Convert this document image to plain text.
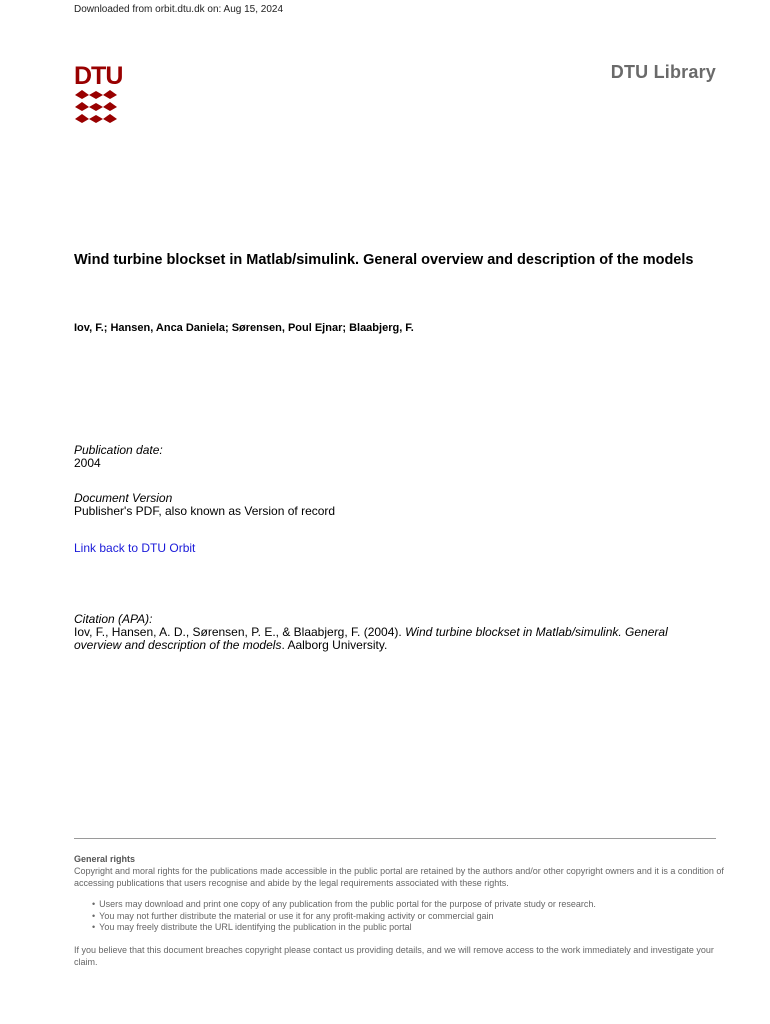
Downloaded from orbit.dtu.dk on: Aug 15, 2024
DTU	DTU Library
Wind turbine blockset in Matlab/simulink. General overview and description of the models
Iov, F.; Hansen, Anca Daniela; Sørensen, Poul Ejnar; Blaabjerg, F.
Publication date:
2004
Document Version
Publisher's PDF, also known as Version of record
Link back to DTU Orbit
Citation (APA):
Iov, F., Hansen, A. D., Sørensen, P. E., & Blaabjerg, F. (2004). Wind turbine blockset in Matlab/simulink. General overview and description of the models. Aalborg University.
General rights

Copyright and moral rights for the publications made accessible in the public portal are retained by the authors and/or other copyright owners and it is a condition of accessing publications that users recognise and abide by the legal requirements associated with these rights.

• Users may download and print one copy of any publication from the public portal for the purpose of private study or research.
• You may not further distribute the material or use it for any profit-making activity or commercial gain
• You may freely distribute the URL identifying the publication in the public portal

If you believe that this document breaches copyright please contact us providing details, and we will remove access to the work immediately and investigate your claim.
